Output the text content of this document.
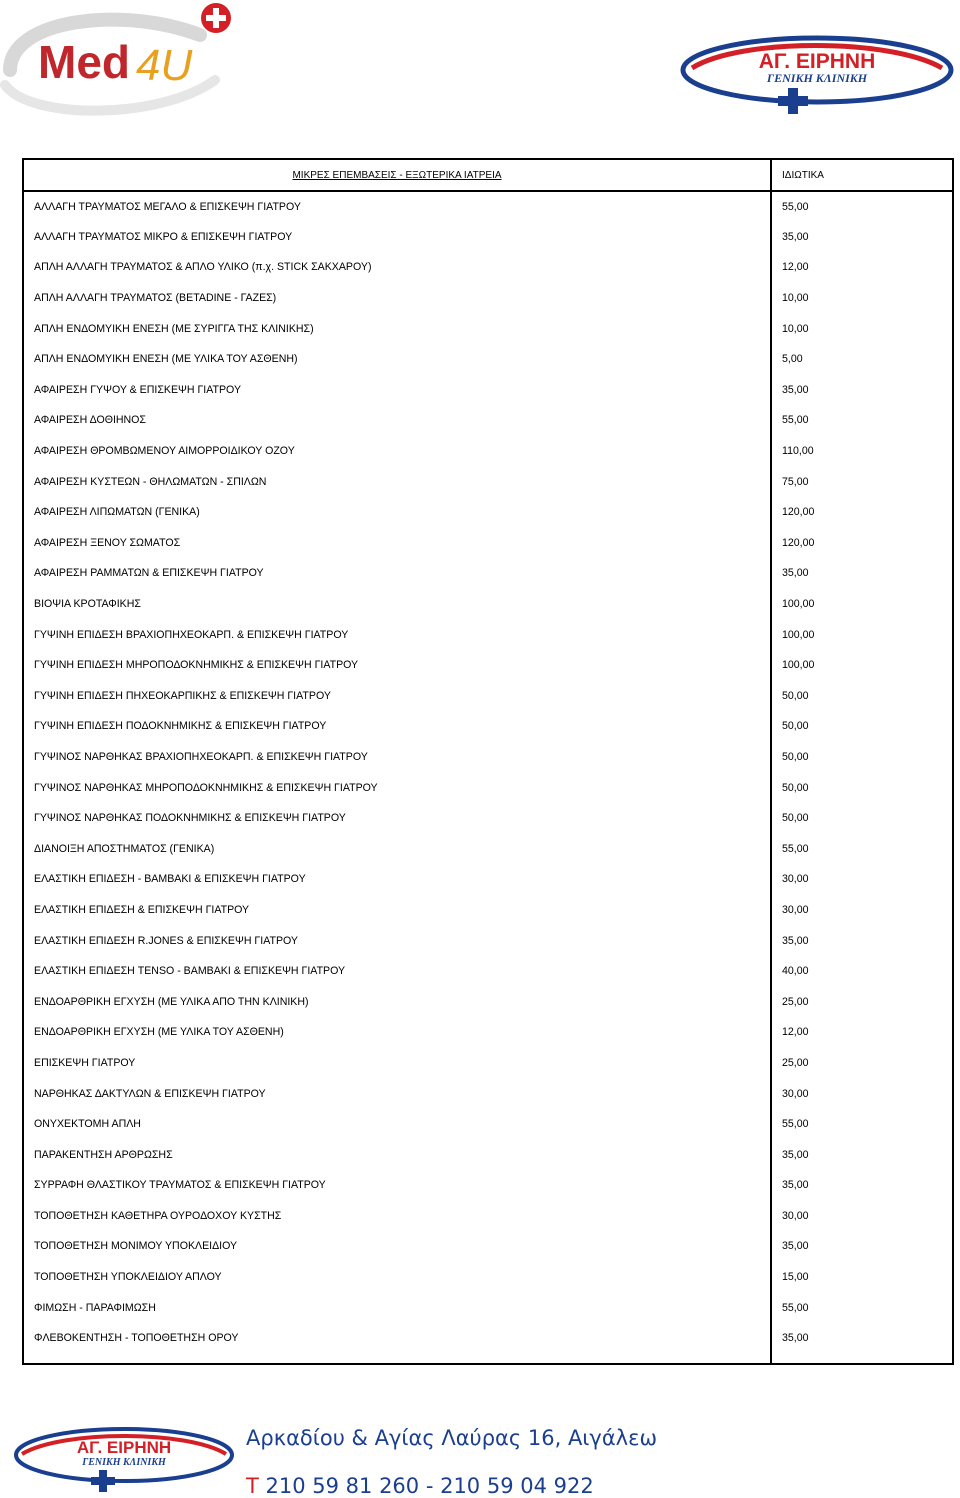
Med 4U	ΑΓ. ΕΙΡΗΝΗ
ΓΕΝΙΚΗ ΚΛΙΝΙΚΗ
ΜΙΚΡΕΣ ΕΠΕΜΒΑΣΕΙΣ - ΕΞΩΤΕΡΙΚΑ ΙΑΤΡΕΙΑ	ΙΔΙΩΤΙΚΑ
ΑΛΛΑΓΗ ΤΡΑΥΜΑΤΟΣ ΜΕΓΑΛΟ & ΕΠΙΣΚΕΨΗ ΓΙΑΤΡΟΥ	55,00
ΑΛΛΑΓΗ ΤΡΑΥΜΑΤΟΣ ΜΙΚΡΟ & ΕΠΙΣΚΕΨΗ ΓΙΑΤΡΟΥ	35,00
ΑΠΛΗ ΑΛΛΑΓΗ ΤΡΑΥΜΑΤΟΣ & ΑΠΛΟ ΥΛΙΚΟ (π.χ. STICK ΣΑΚΧΑΡΟΥ)	12,00
ΑΠΛΗ ΑΛΛΑΓΗ ΤΡΑΥΜΑΤΟΣ (BETADINE - ΓΑΖΕΣ)	10,00
ΑΠΛΗ ΕΝΔΟΜΥΙΚΗ ΕΝΕΣΗ (ΜΕ ΣΥΡΙΓΓΑ ΤΗΣ ΚΛΙΝΙΚΗΣ)	10,00
ΑΠΛΗ ΕΝΔΟΜΥΙΚΗ ΕΝΕΣΗ (ΜΕ ΥΛΙΚΑ ΤΟΥ ΑΣΘΕΝΗ)	5,00
ΑΦΑΙΡΕΣΗ ΓΥΨΟΥ & ΕΠΙΣΚΕΨΗ ΓΙΑΤΡΟΥ	35,00
ΑΦΑΙΡΕΣΗ ΔΟΘΙΗΝΟΣ	55,00
ΑΦΑΙΡΕΣΗ ΘΡΟΜΒΩΜΕΝΟΥ ΑΙΜΟΡΡΟΙΔΙΚΟΥ ΟΖΟΥ	110,00
ΑΦΑΙΡΕΣΗ ΚΥΣΤΕΩΝ - ΘΗΛΩΜΑΤΩΝ - ΣΠΙΛΩΝ	75,00
ΑΦΑΙΡΕΣΗ ΛΙΠΩΜΑΤΩΝ (ΓΕΝΙΚΑ)	120,00
ΑΦΑΙΡΕΣΗ ΞΕΝΟΥ ΣΩΜΑΤΟΣ	120,00
ΑΦΑΙΡΕΣΗ ΡΑΜΜΑΤΩΝ & ΕΠΙΣΚΕΨΗ ΓΙΑΤΡΟΥ	35,00
ΒΙΟΨΙΑ ΚΡΟΤΑΦΙΚΗΣ	100,00
ΓΥΨΙΝΗ ΕΠΙΔΕΣΗ ΒΡΑΧΙΟΠΗΧΕΟΚΑΡΠ. & ΕΠΙΣΚΕΨΗ ΓΙΑΤΡΟΥ	100,00
ΓΥΨΙΝΗ ΕΠΙΔΕΣΗ ΜΗΡΟΠΟΔΟΚΝΗΜΙΚΗΣ & ΕΠΙΣΚΕΨΗ ΓΙΑΤΡΟΥ	100,00
ΓΥΨΙΝΗ ΕΠΙΔΕΣΗ ΠΗΧΕΟΚΑΡΠΙΚΗΣ & ΕΠΙΣΚΕΨΗ ΓΙΑΤΡΟΥ	50,00
ΓΥΨΙΝΗ ΕΠΙΔΕΣΗ ΠΟΔΟΚΝΗΜΙΚΗΣ & ΕΠΙΣΚΕΨΗ ΓΙΑΤΡΟΥ	50,00
ΓΥΨΙΝΟΣ ΝΑΡΘΗΚΑΣ ΒΡΑΧΙΟΠΗΧΕΟΚΑΡΠ. & ΕΠΙΣΚΕΨΗ ΓΙΑΤΡΟΥ	50,00
ΓΥΨΙΝΟΣ ΝΑΡΘΗΚΑΣ ΜΗΡΟΠΟΔΟΚΝΗΜΙΚΗΣ & ΕΠΙΣΚΕΨΗ ΓΙΑΤΡΟΥ	50,00
ΓΥΨΙΝΟΣ ΝΑΡΘΗΚΑΣ ΠΟΔΟΚΝΗΜΙΚΗΣ & ΕΠΙΣΚΕΨΗ ΓΙΑΤΡΟΥ	50,00
ΔΙΑΝΟΙΞΗ ΑΠΟΣΤΗΜΑΤΟΣ (ΓΕΝΙΚΑ)	55,00
ΕΛΑΣΤΙΚΗ ΕΠΙΔΕΣΗ - ΒΑΜΒΑΚΙ & ΕΠΙΣΚΕΨΗ ΓΙΑΤΡΟΥ	30,00
ΕΛΑΣΤΙΚΗ ΕΠΙΔΕΣΗ & ΕΠΙΣΚΕΨΗ ΓΙΑΤΡΟΥ	30,00
ΕΛΑΣΤΙΚΗ ΕΠΙΔΕΣΗ R.JONES & ΕΠΙΣΚΕΨΗ ΓΙΑΤΡΟΥ	35,00
ΕΛΑΣΤΙΚΗ ΕΠΙΔΕΣΗ TENSO - ΒΑΜΒΑΚΙ & ΕΠΙΣΚΕΨΗ ΓΙΑΤΡΟΥ	40,00
ΕΝΔΟΑΡΘΡΙΚΗ ΕΓΧΥΣΗ (ΜΕ ΥΛΙΚΑ ΑΠΟ ΤΗΝ ΚΛΙΝΙΚΗ)	25,00
ΕΝΔΟΑΡΘΡΙΚΗ ΕΓΧΥΣΗ (ΜΕ ΥΛΙΚΑ ΤΟΥ ΑΣΘΕΝΗ)	12,00
ΕΠΙΣΚΕΨΗ ΓΙΑΤΡΟΥ	25,00
ΝΑΡΘΗΚΑΣ ΔΑΚΤΥΛΩΝ & ΕΠΙΣΚΕΨΗ ΓΙΑΤΡΟΥ	30,00
ΟΝΥΧΕΚΤΟΜΗ ΑΠΛΗ	55,00
ΠΑΡΑΚΕΝΤΗΣΗ ΑΡΘΡΩΣΗΣ	35,00
ΣΥΡΡΑΦΗ ΘΛΑΣΤΙΚΟΥ ΤΡΑΥΜΑΤΟΣ & ΕΠΙΣΚΕΨΗ ΓΙΑΤΡΟΥ	35,00
ΤΟΠΟΘΕΤΗΣΗ ΚΑΘΕΤΗΡΑ ΟΥΡΟΔΟΧΟΥ ΚΥΣΤΗΣ	30,00
ΤΟΠΟΘΕΤΗΣΗ ΜΟΝΙΜΟΥ ΥΠΟΚΛΕΙΔΙΟΥ	35,00
ΤΟΠΟΘΕΤΗΣΗ ΥΠΟΚΛΕΙΔΙΟΥ ΑΠΛΟΥ	15,00
ΦΙΜΩΣΗ - ΠΑΡΑΦΙΜΩΣΗ	55,00
ΦΛΕΒΟΚΕΝΤΗΣΗ - ΤΟΠΟΘΕΤΗΣΗ ΟΡΟΥ	35,00

ΑΓ. ΕΙΡΗΝΗ
ΓΕΝΙΚΗ ΚΛΙΝΙΚΗ
Αρκαδίου & Αγίας Λαύρας 16, Αιγάλεω
T 210 59 81 260 - 210 59 04 922
